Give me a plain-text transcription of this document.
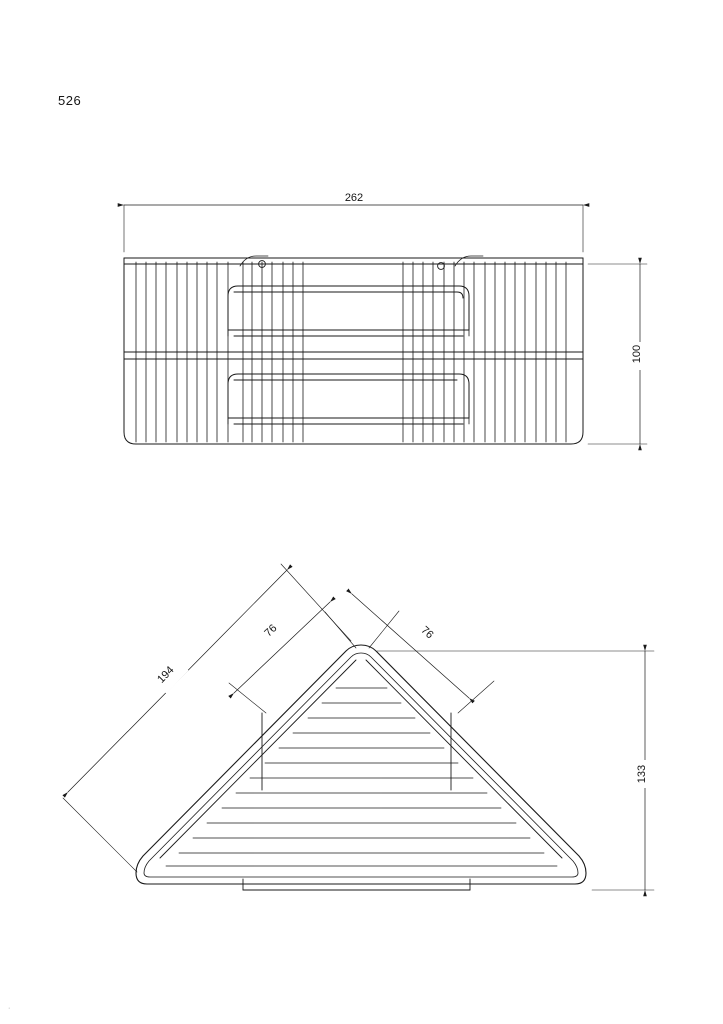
·
526
262
100
194
76	76
133
